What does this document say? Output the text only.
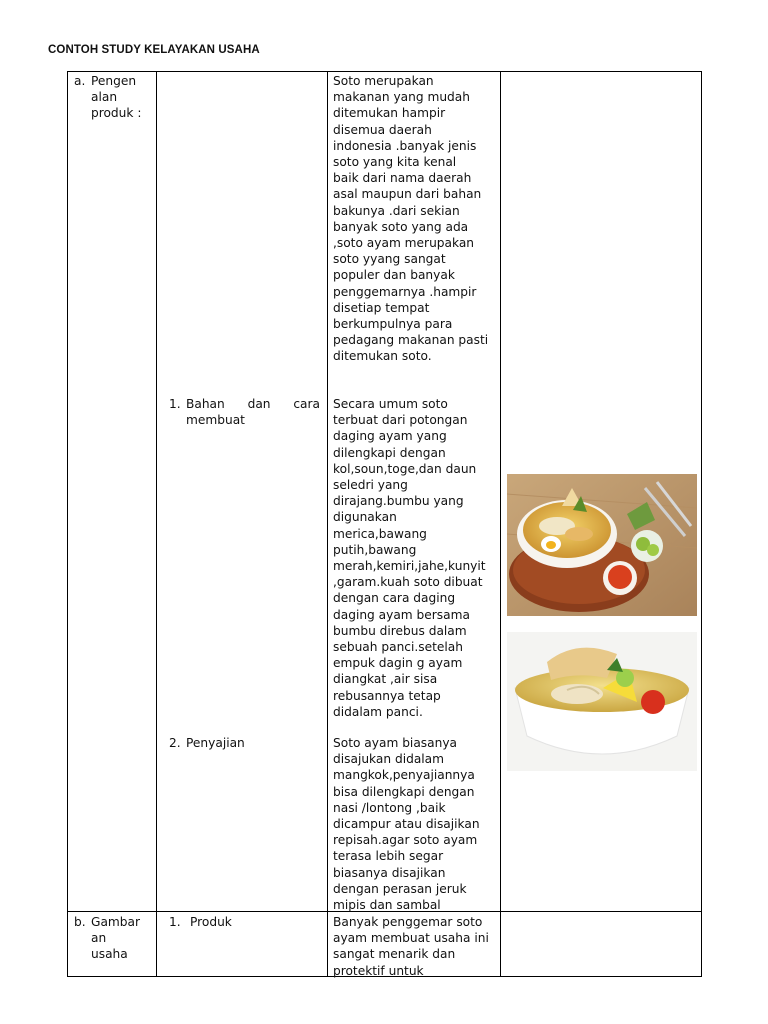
CONTOH STUDY KELAYAKAN USAHA
a. Pengen
alan
produk :
Soto merupakan
makanan yang mudah
ditemukan hampir
disemua daerah
indonesia .banyak jenis
soto yang kita kenal
baik dari nama daerah
asal maupun dari bahan
bakunya .dari sekian
banyak soto yang ada
,soto ayam merupakan
soto yyang sangat
populer dan banyak
penggemarnya .hampir
disetiap tempat
berkumpulnya para
pedagang makanan pasti
ditemukan soto.
1. Bahan dan cara
membuat
Secara umum soto
terbuat dari potongan
daging ayam yang
dilengkapi dengan
kol,soun,toge,dan daun
seledri yang
dirajang.bumbu yang
digunakan
merica,bawang
putih,bawang
merah,kemiri,jahe,kunyit
,garam.kuah soto dibuat
dengan cara daging
daging ayam bersama
bumbu direbus dalam
sebuah panci.setelah
empuk dagin g ayam
diangkat ,air sisa
rebusannya tetap
didalam panci.
2. Penyajian	Soto ayam biasanya
disajukan didalam
mangkok,penyajiannya
bisa dilengkapi dengan
nasi /lontong ,baik
dicampur atau disajikan
repisah.agar soto ayam
terasa lebih segar
biasanya disajikan
dengan perasan jeruk
mipis dan sambal
b. Gambar
an
usaha
1. Produk	Banyak penggemar soto
ayam membuat usaha ini
sangat menarik dan
protektif untuk
